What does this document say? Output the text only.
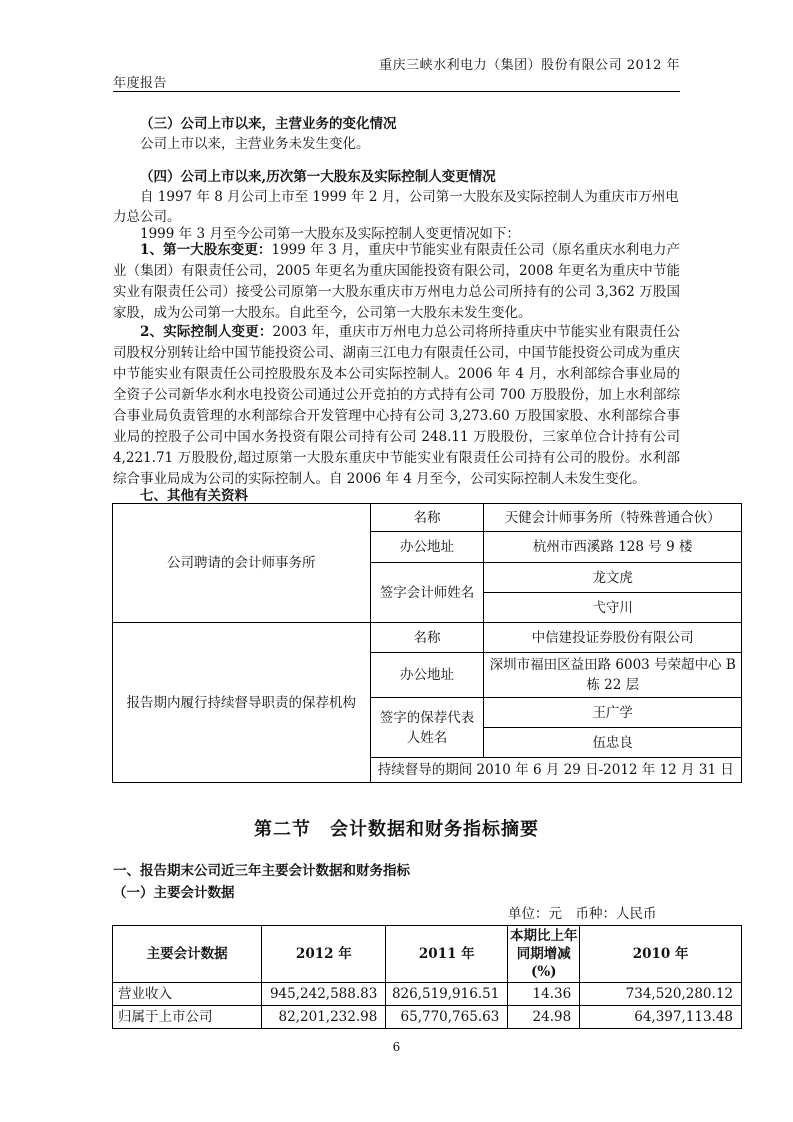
重庆三峡水利电力（集团）股份有限公司 2012 年
年度报告
（三）公司上市以来，主营业务的变化情况
公司上市以来，主营业务未发生变化。
（四）公司上市以来,历次第一大股东及实际控制人变更情况
自 1997 年 8 月公司上市至 1999 年 2 月，公司第一大股东及实际控制人为重庆市万州电
力总公司。
1999 年 3 月至今公司第一大股东及实际控制人变更情况如下：
1、第一大股东变更：1999 年 3 月，重庆中节能实业有限责任公司（原名重庆水利电力产业（集团）有限责任公司，2005 年更名为重庆国能投资有限公司，2008 年更名为重庆中节能实业有限责任公司）接受公司原第一大股东重庆市万州电力总公司所持有的公司 3,362 万股国家股，成为公司第一大股东。自此至今，公司第一大股东未发生变化。
2、实际控制人变更：2003 年，重庆市万州电力总公司将所持重庆中节能实业有限责任公司股权分别转让给中国节能投资公司、湖南三江电力有限责任公司，中国节能投资公司成为重庆中节能实业有限责任公司控股股东及本公司实际控制人。2006 年 4 月，水利部综合事业局的全资子公司新华水利水电投资公司通过公开竞拍的方式持有公司 700 万股股份，加上水利部综合事业局负责管理的水利部综合开发管理中心持有公司 3,273.60 万股国家股、水利部综合事业局的控股子公司中国水务投资有限公司持有公司 248.11 万股股份，三家单位合计持有公司 4,221.71 万股股份,超过原第一大股东重庆中节能实业有限责任公司持有公司的股份。水利部综合事业局成为公司的实际控制人。自 2006 年 4 月至今，公司实际控制人未发生变化。
七、其他有关资料
公司聘请的会计师事务所	名称	天健会计师事务所（特殊普通合伙）
	办公地址	杭州市西溪路 128 号 9 楼
	签字会计师姓名	龙文虎
		弋守川
报告期内履行持续督导职责的保荐机构	名称	中信建投证券股份有限公司
	办公地址	深圳市福田区益田路 6003 号荣超中心 B 栋 22 层
	签字的保荐代表人姓名	王广学
		伍忠良
	持续督导的期间 2010 年 6 月 29 日-2012 年 12 月 31 日	
第二节　会计数据和财务指标摘要
一、报告期末公司近三年主要会计数据和财务指标
（一）主要会计数据
单位：元　币种：人民币
主要会计数据	2012 年	2011 年	本期比上年同期增减(%)	2010 年
营业收入	945,242,588.83	826,519,916.51	14.36	734,520,280.12
归属于上市公司	82,201,232.98	65,770,765.63	24.98	64,397,113.48
6
